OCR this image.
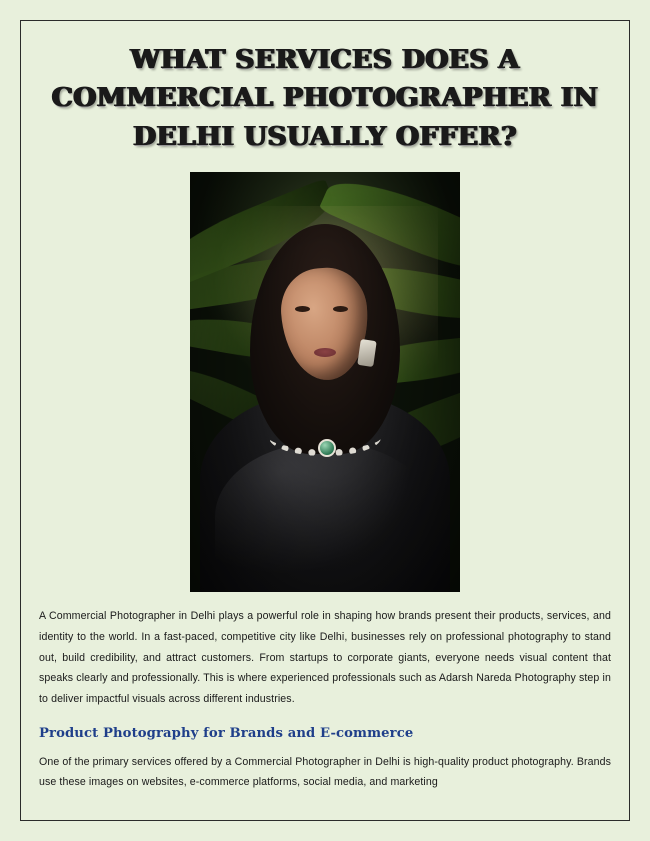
WHAT SERVICES DOES A COMMERCIAL PHOTOGRAPHER IN DELHI USUALLY OFFER?

A Commercial Photographer in Delhi plays a powerful role in shaping how brands present their products, services, and identity to the world. In a fast-paced, competitive city like Delhi, businesses rely on professional photography to stand out, build credibility, and attract customers. From startups to corporate giants, everyone needs visual content that speaks clearly and professionally. This is where experienced professionals such as Adarsh Nareda Photography step in to deliver impactful visuals across different industries.

Product Photography for Brands and E-commerce

One of the primary services offered by a Commercial Photographer in Delhi is high-quality product photography. Brands use these images on websites, e-commerce platforms, social media, and marketing
